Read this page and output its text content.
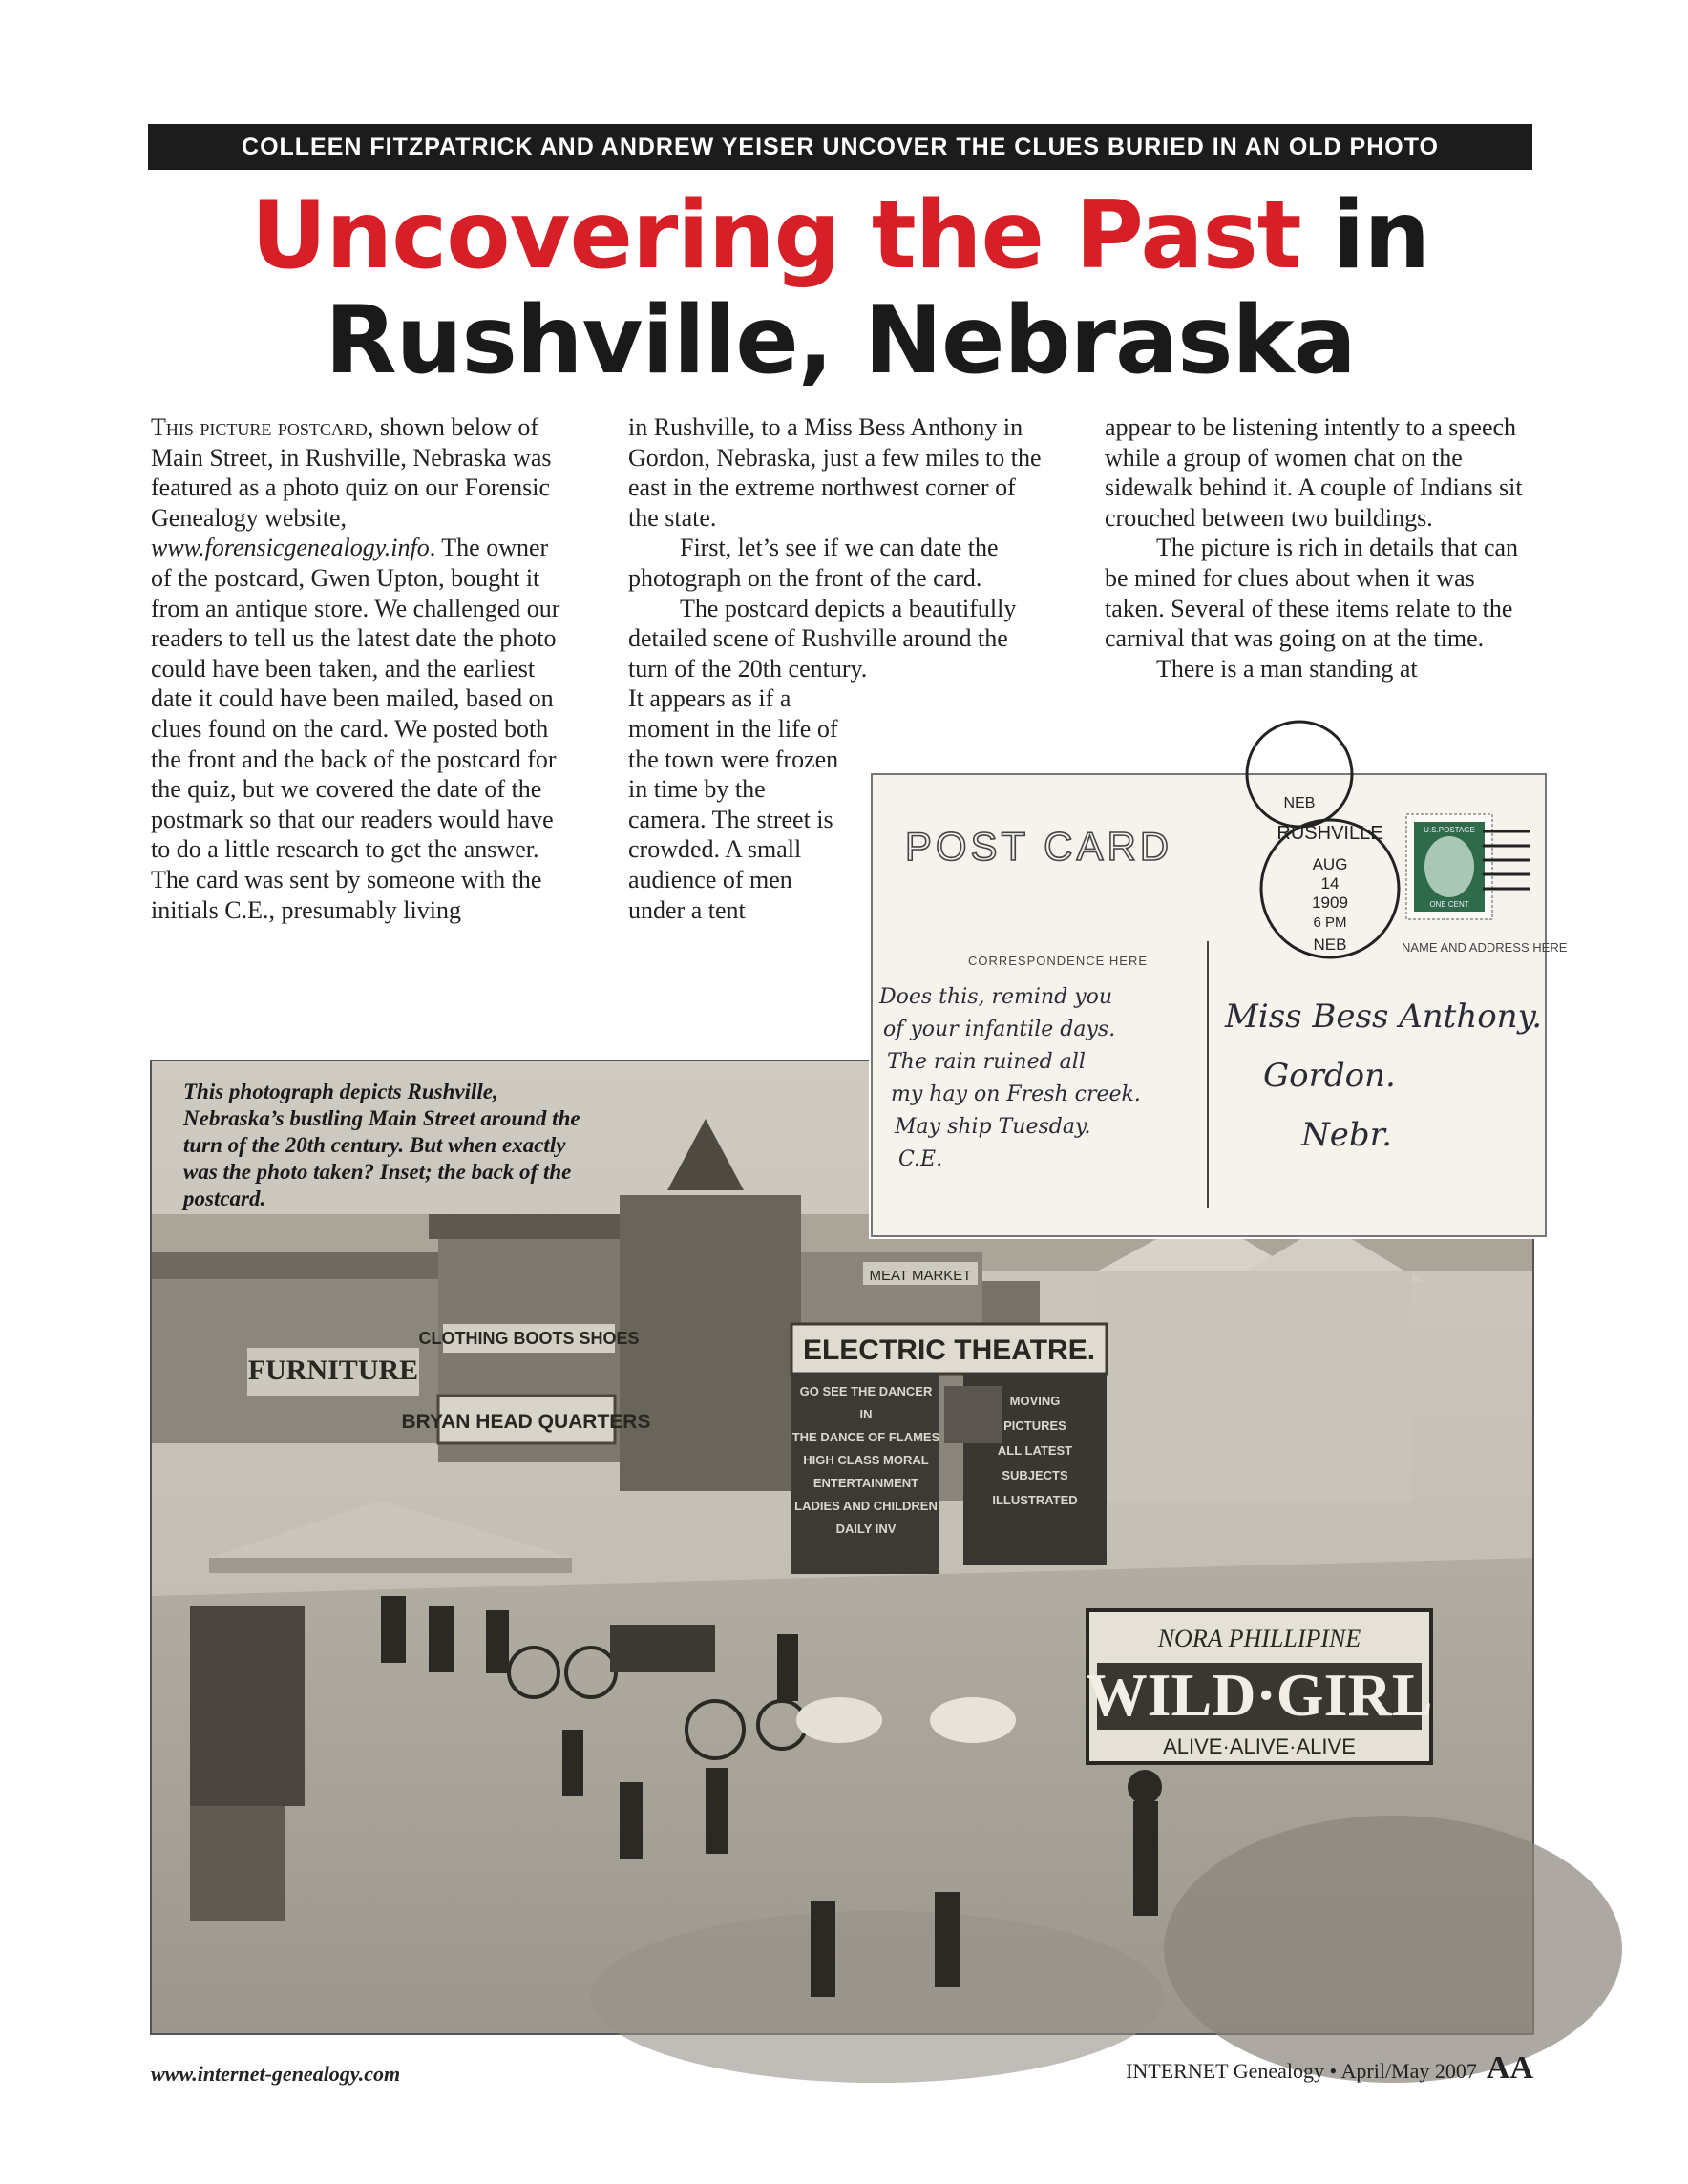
COLLEEN FITZPATRICK AND ANDREW YEISER UNCOVER THE CLUES BURIED IN AN OLD PHOTO
Uncovering the Past in
Rushville, Nebraska

This picture postcard, shown below of Main Street, in Rushville, Nebraska was featured as a photo quiz on our Forensic Genealogy website, www.forensicgenealogy.info. The owner of the postcard, Gwen Upton, bought it from an antique store. We challenged our readers to tell us the latest date the photo could have been taken, and the earliest date it could have been mailed, based on clues found on the card. We posted both the front and the back of the postcard for the quiz, but we covered the date of the postmark so that our readers would have to do a little research to get the answer. The card was sent by someone with the initials C.E., presumably living

in Rushville, to a Miss Bess Anthony in Gordon, Nebraska, just a few miles to the east in the extreme northwest corner of the state.

First, let’s see if we can date the photograph on the front of the card.

The postcard depicts a beautifully detailed scene of Rushville around the turn of the 20th century.

It appears as if a moment in the life of the town were frozen in time by the camera. The street is crowded. A small audience of men under a tent

appear to be listening intently to a speech while a group of women chat on the sidewalk behind it. A couple of Indians sit crouched between two buildings.

The picture is rich in details that can be mined for clues about when it was taken. Several of these items relate to the carnival that was going on at the time.

There is a man standing at

FURNITURE
CLOTHING BOOTS SHOES
BRYAN HEAD QUARTERS
MEAT MARKET
ELECTRIC THEATRE.
GO SEE THE DANCER
IN
THE DANCE OF FLAMES
HIGH CLASS MORAL
ENTERTAINMENT
LADIES AND CHILDREN
DAILY INV
MOVING
PICTURES
ALL LATEST
SUBJECTS
ILLUSTRATED
NORA PHILLIPINE
WILD·GIRL
ALIVE·ALIVE·ALIVE
This photograph depicts Rushville, Nebraska’s bustling Main Street around the turn of the 20th century. But when exactly was the photo taken? Inset; the back of the postcard.
POST CARD
CORRESPONDENCE HERE
U.S.POSTAGE
ONE CENT
NEB
RUSHVILLE
AUG
14
1909
6 PM
NEB	NAME AND ADDRESS HERE
Does this, remind you
of your infantile days.
The rain ruined all
my hay on Fresh creek.
May ship Tuesday.
C.E.
Miss Bess Anthony.
Gordon.
Nebr.
www.internet-genealogy.com	INTERNET Genealogy • April/May 2007 AA
